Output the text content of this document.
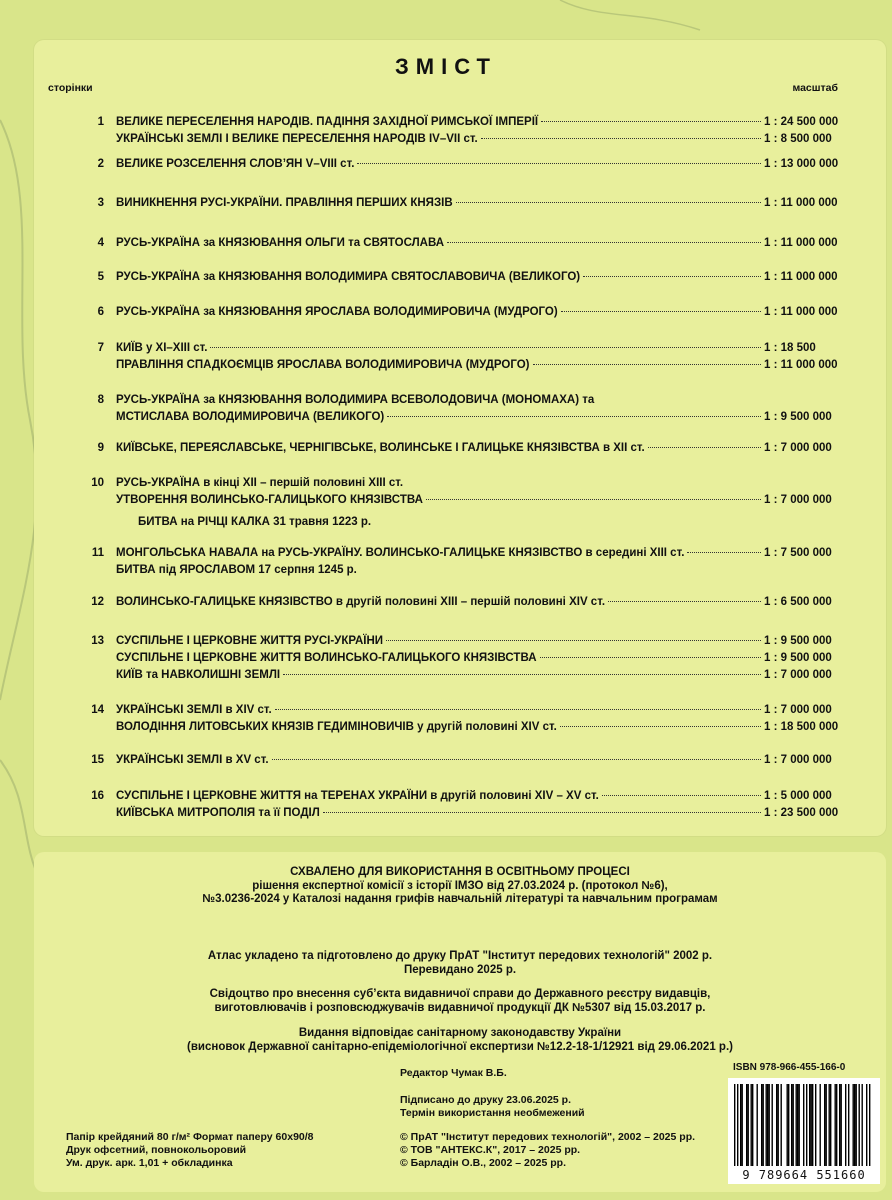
ЗМІСТ
сторінки	масштаб
1 ВЕЛИКЕ ПЕРЕСЕЛЕННЯ НАРОДІВ. ПАДІННЯ ЗАХІДНОЇ РИМСЬКОЇ ІМПЕРІЇ	1 : 24 500 000
УКРАЇНСЬКІ ЗЕМЛІ І ВЕЛИКЕ ПЕРЕСЕЛЕННЯ НАРОДІВ IV–VII ст.	1 : 8 500 000
2 ВЕЛИКЕ РОЗСЕЛЕННЯ СЛОВ’ЯН V–VIII ст.	1 : 13 000 000
3 ВИНИКНЕННЯ РУСІ-УКРАЇНИ. ПРАВЛІННЯ ПЕРШИХ КНЯЗІВ	1 : 11 000 000
4 РУСЬ-УКРАЇНА за КНЯЗЮВАННЯ ОЛЬГИ та СВЯТОСЛАВА	1 : 11 000 000
5 РУСЬ-УКРАЇНА за КНЯЗЮВАННЯ ВОЛОДИМИРА СВЯТОСЛАВОВИЧА (ВЕЛИКОГО)	1 : 11 000 000
6 РУСЬ-УКРАЇНА за КНЯЗЮВАННЯ ЯРОСЛАВА ВОЛОДИМИРОВИЧА (МУДРОГО)	1 : 11 000 000
7 КИЇВ у XI–XIII ст.	1 : 18 500
ПРАВЛІННЯ СПАДКОЄМЦІВ ЯРОСЛАВА ВОЛОДИМИРОВИЧА (МУДРОГО)	1 : 11 000 000
8 РУСЬ-УКРАЇНА за КНЯЗЮВАННЯ ВОЛОДИМИРА ВСЕВОЛОДОВИЧА (МОНОМАХА) та
МСТИСЛАВА ВОЛОДИМИРОВИЧА (ВЕЛИКОГО)	1 : 9 500 000
9 КИЇВСЬКЕ, ПЕРЕЯСЛАВСЬКЕ, ЧЕРНІГІВСЬКЕ, ВОЛИНСЬКЕ І ГАЛИЦЬКЕ КНЯЗІВСТВА в XII ст.	1 : 7 000 000
10 РУСЬ-УКРАЇНА в кінці XII – першій половині XIII ст.
УТВОРЕННЯ ВОЛИНСЬКО-ГАЛИЦЬКОГО КНЯЗІВСТВА	1 : 7 000 000
БИТВА на РІЧЦІ КАЛКА 31 травня 1223 р.
11 МОНГОЛЬСЬКА НАВАЛА на РУСЬ-УКРАЇНУ. ВОЛИНСЬКО-ГАЛИЦЬКЕ КНЯЗІВСТВО в середині XIII ст.	1 : 7 500 000
БИТВА під ЯРОСЛАВОМ 17 серпня 1245 р.
12 ВОЛИНСЬКО-ГАЛИЦЬКЕ КНЯЗІВСТВО в другій половині XIII – першій половині XIV ст.	1 : 6 500 000
13 СУСПІЛЬНЕ І ЦЕРКОВНЕ ЖИТТЯ РУСІ-УКРАЇНИ	1 : 9 500 000
СУСПІЛЬНЕ І ЦЕРКОВНЕ ЖИТТЯ ВОЛИНСЬКО-ГАЛИЦЬКОГО КНЯЗІВСТВА	1 : 9 500 000
КИЇВ та НАВКОЛИШНІ ЗЕМЛІ	1 : 7 000 000
14 УКРАЇНСЬКІ ЗЕМЛІ в XIV ст.	1 : 7 000 000
ВОЛОДІННЯ ЛИТОВСЬКИХ КНЯЗІВ ГЕДИМІНОВИЧІВ у другій половині XIV ст.	1 : 18 500 000
15 УКРАЇНСЬКІ ЗЕМЛІ в XV ст.	1 : 7 000 000
16 СУСПІЛЬНЕ І ЦЕРКОВНЕ ЖИТТЯ на ТЕРЕНАХ УКРАЇНИ в другій половині XIV – XV ст.	1 : 5 000 000
КИЇВСЬКА МИТРОПОЛІЯ та її ПОДІЛ	1 : 23 500 000
СХВАЛЕНО ДЛЯ ВИКОРИСТАННЯ В ОСВІТНЬОМУ ПРОЦЕСІ
рішення експертної комісії з історії ІМЗО від 27.03.2024 р. (протокол №6),
№3.0236-2024 у Каталозі надання грифів навчальній літературі та навчальним програмам
Атлас укладено та підготовлено до друку ПрАТ "Інститут передових технологій" 2002 р.
Перевидано 2025 р.
Свідоцтво про внесення суб’єкта видавничої справи до Державного реєстру видавців,
виготовлювачів і розповсюджувачів видавничої продукції ДК №5307 від 15.03.2017 р.
Видання відповідає санітарному законодавству України
(висновок Державної санітарно-епідеміологічної експертизи №12.2-18-1/12921 від 29.06.2021 р.)
Редактор Чумак В.Б.
Підписано до друку 23.06.2025 р.
Термін використання необмежений
© ПрАТ "Інститут передових технологій", 2002 – 2025 рр.
© ТОВ "АНТЕКС.К", 2017 – 2025 рр.
© Барладін О.В., 2002 – 2025 рр.
Папір крейдяний 80 г/м² Формат паперу 60х90/8
Друк офсетний, повнокольоровий
Ум. друк. арк. 1,01 + обкладинка
ISBN 978-966-455-166-0
9 789664 551660
